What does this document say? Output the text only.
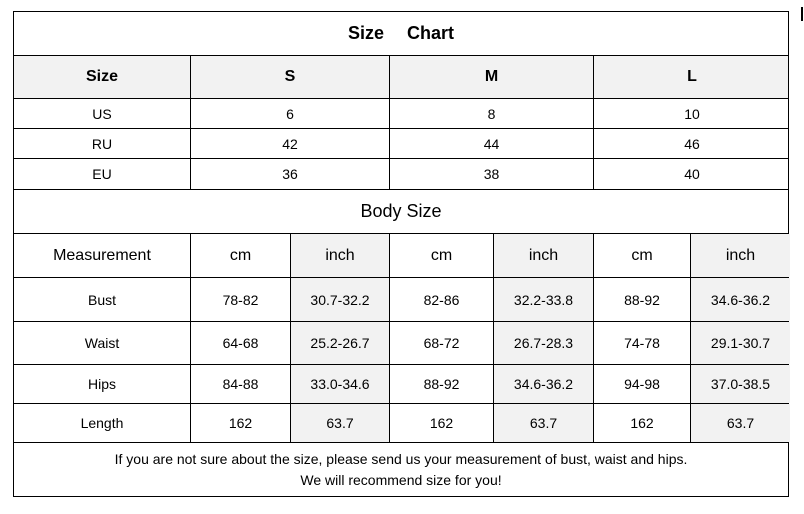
Size Chart
Size	S	M	L
US	6	8	10
RU	42	44	46
EU	36	38	40
Body Size
Measurement	cm	inch	cm	inch	cm	inch
Bust	78-82	30.7-32.2	82-86	32.2-33.8	88-92	34.6-36.2
Waist	64-68	25.2-26.7	68-72	26.7-28.3	74-78	29.1-30.7
Hips	84-88	33.0-34.6	88-92	34.6-36.2	94-98	37.0-38.5
Length	162	63.7	162	63.7	162	63.7
If you are not sure about the size, please send us your measurement of bust, waist and hips.
We will recommend size for you!
